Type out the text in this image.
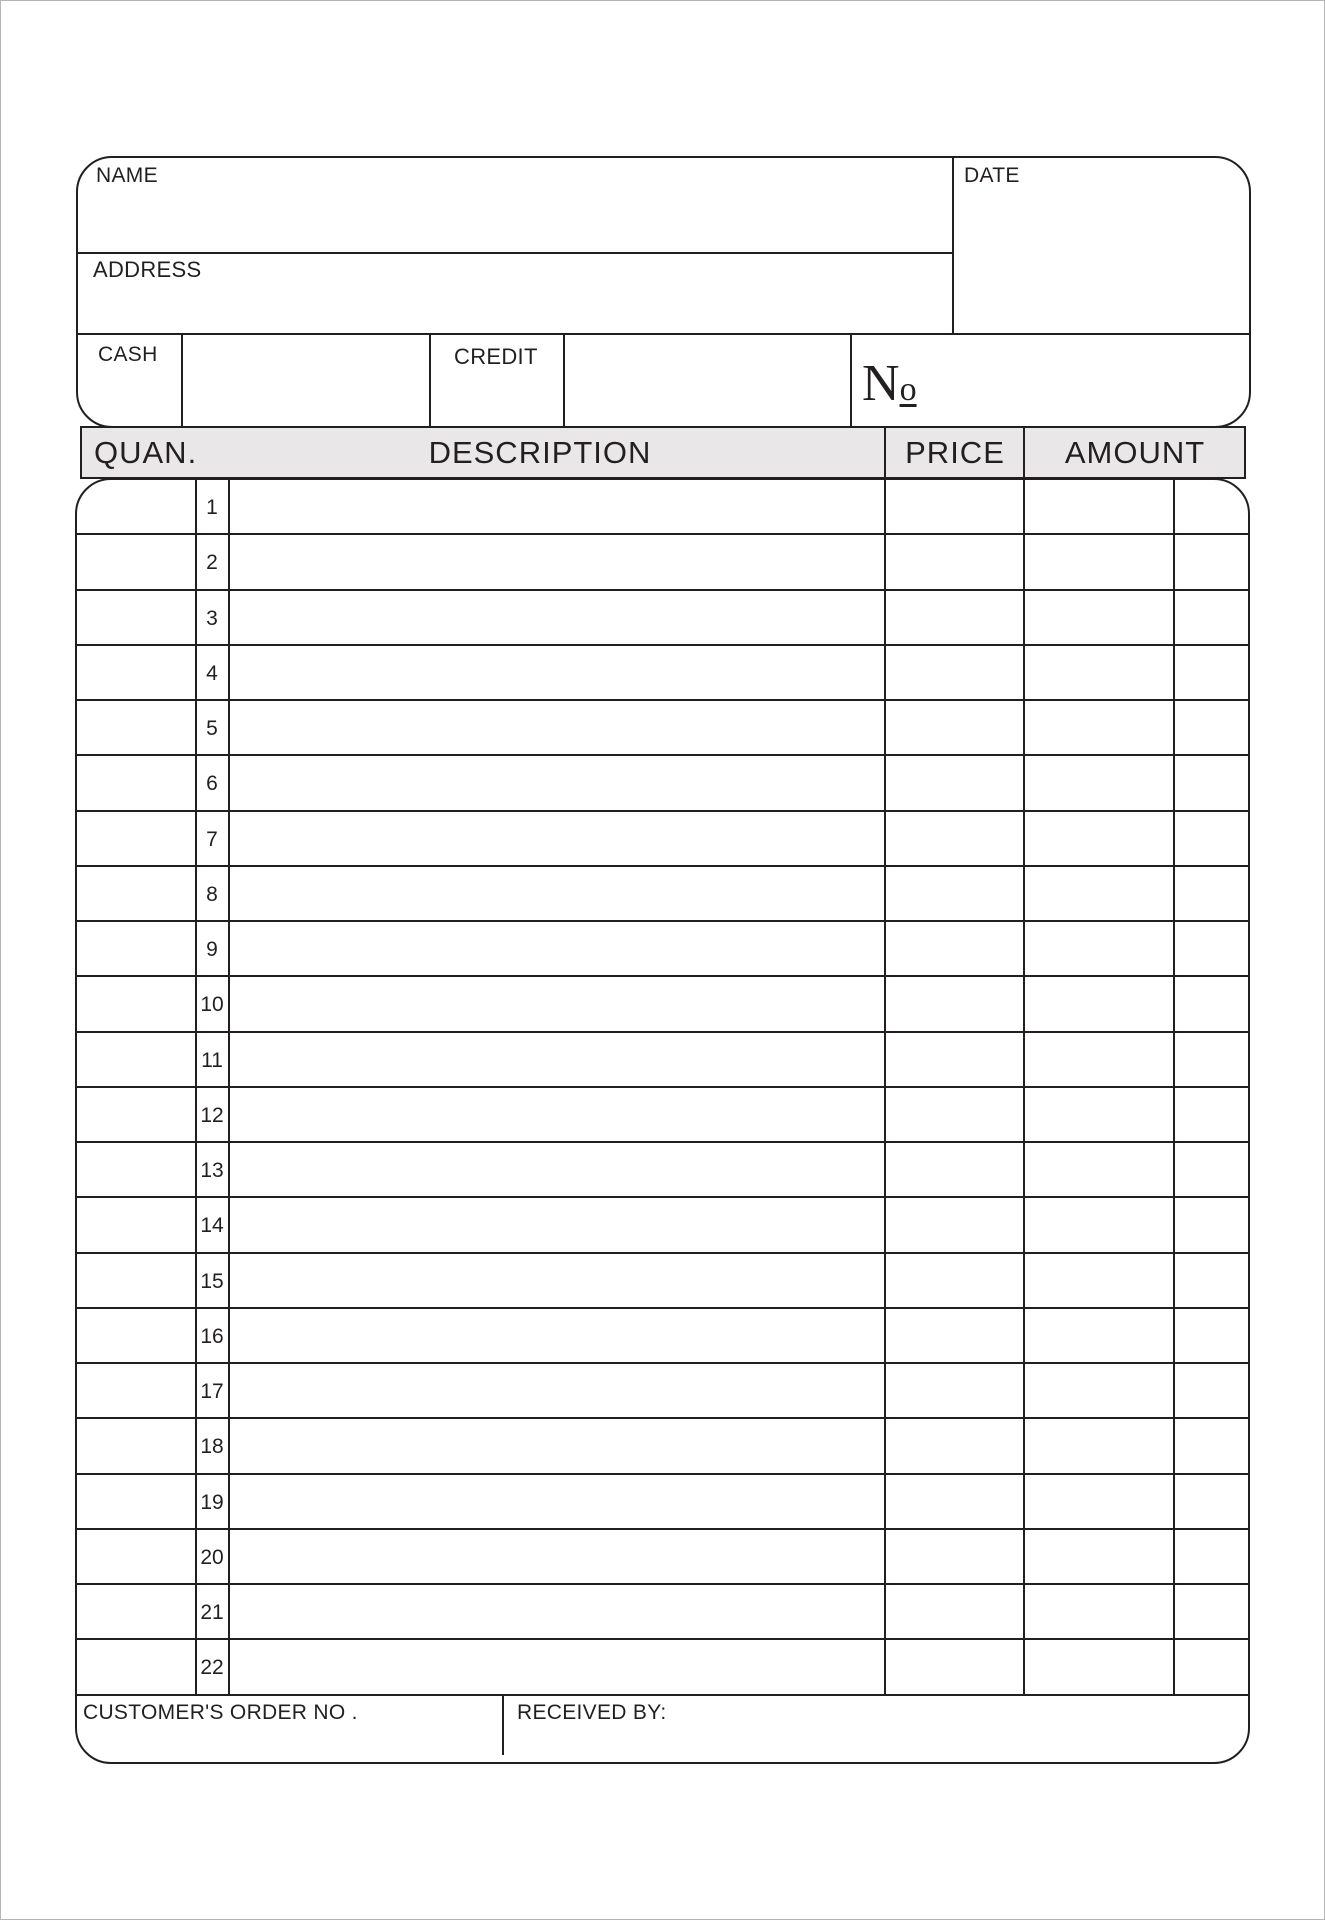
NAME	DATE
ADDRESS
CASH	CREDIT	No
QUAN.	DESCRIPTION	PRICE	AMOUNT
1
2
3
4
5
6
7
8
9
10
11
12
13
14
15
16
17
18
19
20
21
22
CUSTOMER'S ORDER NO .	RECEIVED BY:
